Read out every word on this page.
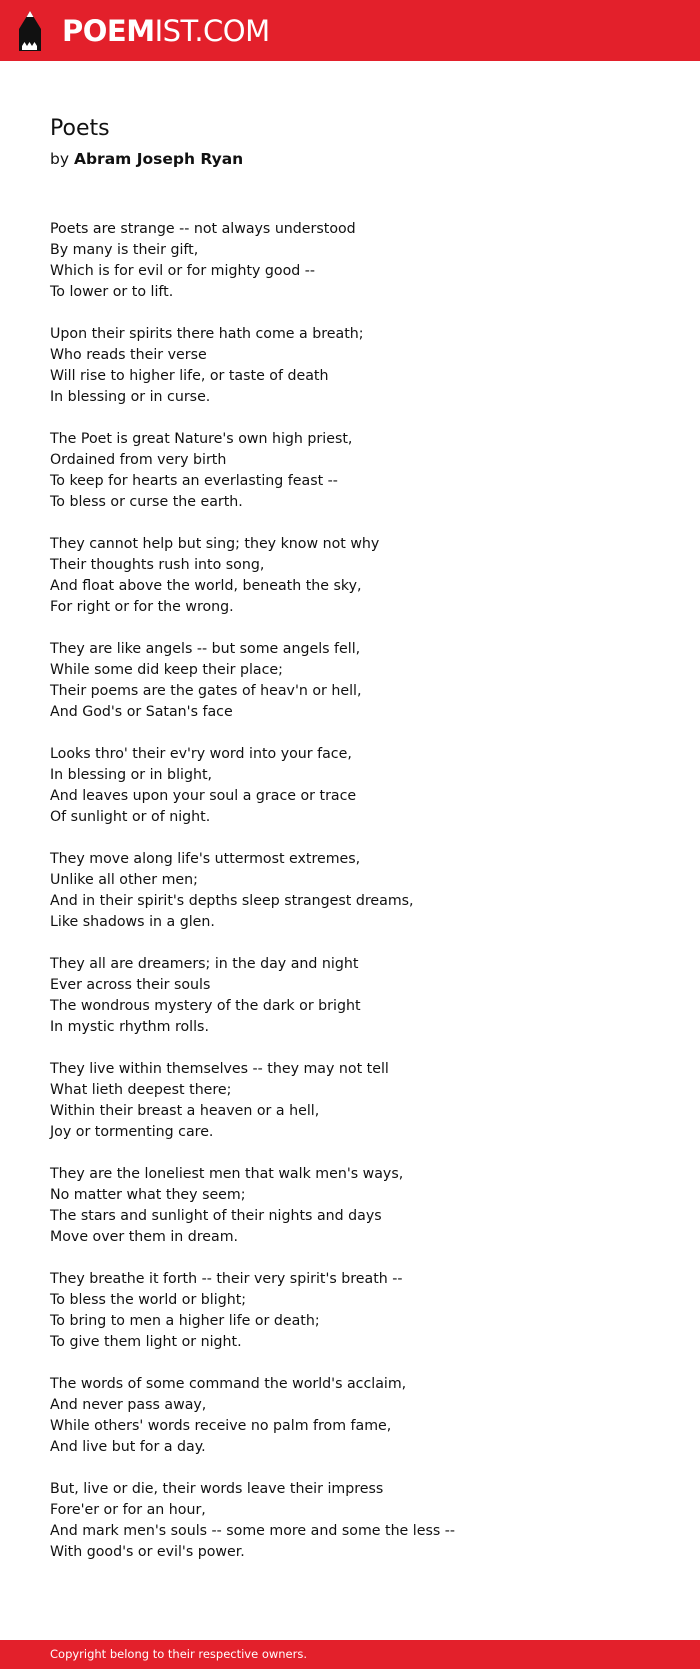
POEMIST.COM
Poets
by Abram Joseph Ryan
Poets are strange -- not always understood
By many is their gift,
Which is for evil or for mighty good --
To lower or to lift.
Upon their spirits there hath come a breath;
Who reads their verse
Will rise to higher life, or taste of death
In blessing or in curse.
The Poet is great Nature's own high priest,
Ordained from very birth
To keep for hearts an everlasting feast --
To bless or curse the earth.
They cannot help but sing; they know not why
Their thoughts rush into song,
And float above the world, beneath the sky,
For right or for the wrong.
They are like angels -- but some angels fell,
While some did keep their place;
Their poems are the gates of heav'n or hell,
And God's or Satan's face
Looks thro' their ev'ry word into your face,
In blessing or in blight,
And leaves upon your soul a grace or trace
Of sunlight or of night.
They move along life's uttermost extremes,
Unlike all other men;
And in their spirit's depths sleep strangest dreams,
Like shadows in a glen.
They all are dreamers; in the day and night
Ever across their souls
The wondrous mystery of the dark or bright
In mystic rhythm rolls.
They live within themselves -- they may not tell
What lieth deepest there;
Within their breast a heaven or a hell,
Joy or tormenting care.
They are the loneliest men that walk men's ways,
No matter what they seem;
The stars and sunlight of their nights and days
Move over them in dream.
They breathe it forth -- their very spirit's breath --
To bless the world or blight;
To bring to men a higher life or death;
To give them light or night.
The words of some command the world's acclaim,
And never pass away,
While others' words receive no palm from fame,
And live but for a day.
But, live or die, their words leave their impress
Fore'er or for an hour,
And mark men's souls -- some more and some the less --
With good's or evil's power.
Copyright belong to their respective owners.
